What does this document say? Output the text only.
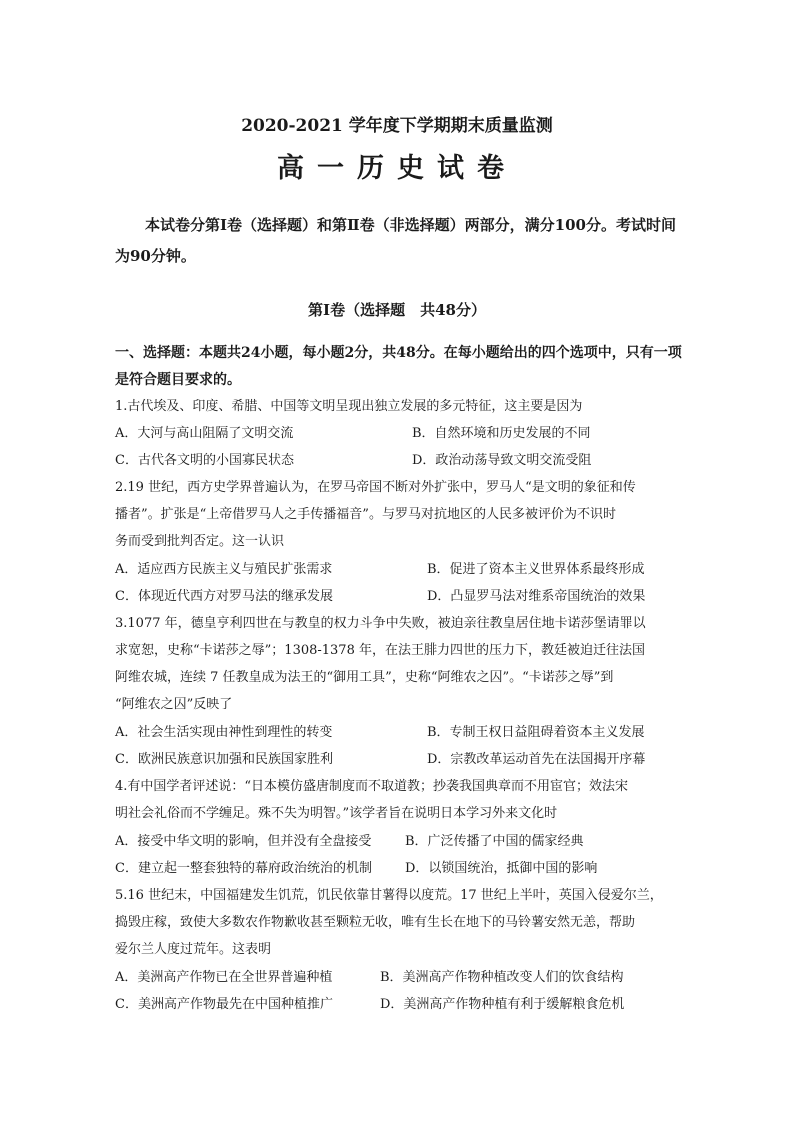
2020-2021 学年度下学期期末质量监测
高一历史试卷
本试卷分第Ⅰ卷（选择题）和第Ⅱ卷（非选择题）两部分，满分100分。考试时间为90分钟。
第Ⅰ卷（选择题　共48分）
一、选择题：本题共24小题，每小题2分，共48分。在每小题给出的四个选项中，只有一项是符合题目要求的。
1.古代埃及、印度、希腊、中国等文明呈现出独立发展的多元特征，这主要是因为
A．大河与高山阻隔了文明交流	B．自然环境和历史发展的不同
C．古代各文明的小国寡民状态	D．政治动荡导致文明交流受阻
2.19 世纪，西方史学界普遍认为，在罗马帝国不断对外扩张中，罗马人“是文明的象征和传
播者”。扩张是“上帝借罗马人之手传播福音”。与罗马对抗地区的人民多被评价为不识时
务而受到批判否定。这一认识
A．适应西方民族主义与殖民扩张需求	B．促进了资本主义世界体系最终形成
C．体现近代西方对罗马法的继承发展	D．凸显罗马法对维系帝国统治的效果
3.1077 年，德皇亨利四世在与教皇的权力斗争中失败，被迫亲往教皇居住地卡诺莎堡请罪以
求宽恕，史称“卡诺莎之辱”；1308-1378 年，在法王腓力四世的压力下，教廷被迫迁往法国
阿维农城，连续 7 任教皇成为法王的“御用工具”，史称“阿维农之囚”。“卡诺莎之辱”到
“阿维农之囚”反映了
A．社会生活实现由神性到理性的转变	B．专制王权日益阻碍着资本主义发展
C．欧洲民族意识加强和民族国家胜利	D．宗教改革运动首先在法国揭开序幕
4.有中国学者评述说：“日本模仿盛唐制度而不取道教；抄袭我国典章而不用宦官；效法宋
明社会礼俗而不学缠足。殊不失为明智。”该学者旨在说明日本学习外来文化时
A．接受中华文明的影响，但并没有全盘接受	B．广泛传播了中国的儒家经典
C．建立起一整套独特的幕府政治统治的机制	D．以锁国统治，抵御中国的影响
5.16 世纪末，中国福建发生饥荒，饥民依靠甘薯得以度荒。17 世纪上半叶，英国入侵爱尔兰，
捣毁庄稼，致使大多数农作物歉收甚至颗粒无收，唯有生长在地下的马铃薯安然无恙，帮助
爱尔兰人度过荒年。这表明
A．美洲高产作物已在全世界普遍种植	B．美洲高产作物种植改变人们的饮食结构
C．美洲高产作物最先在中国种植推广	D．美洲高产作物种植有利于缓解粮食危机
